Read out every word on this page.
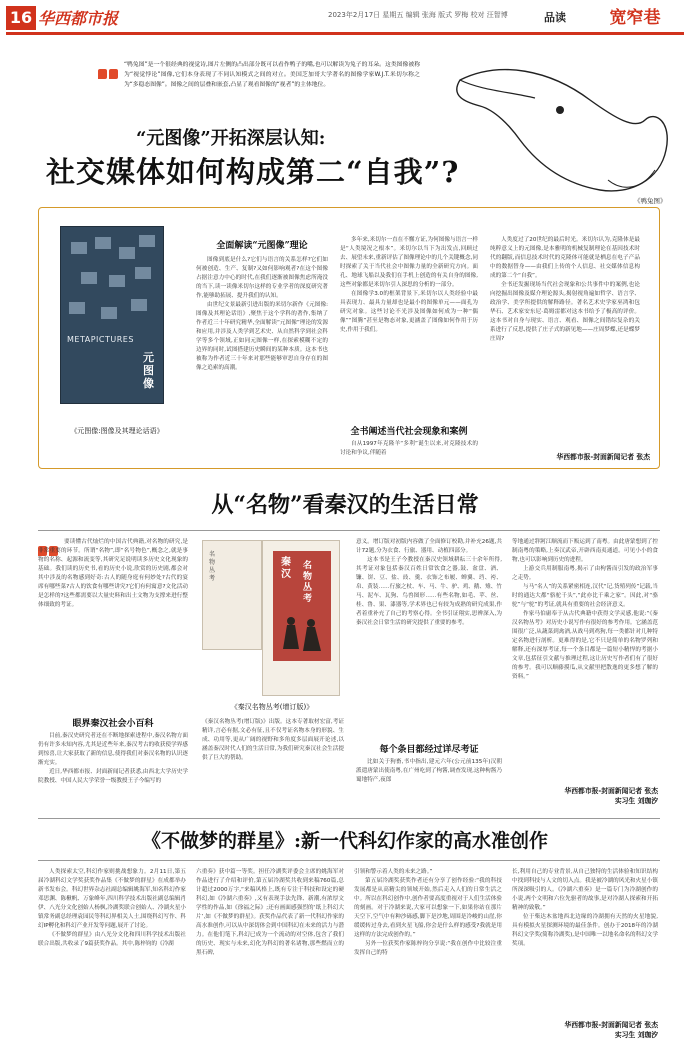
16 华西都市报	2023年2月17日 星期五 编辑 张海 版式 罗梅 校对 汪智博	品读	宽窄巷
“鸭兔图”是一个很经典的视觉诗,图片左侧的凸出部分既可以看作鸭子的嘴,也可以解读为兔子的耳朵。这类图像被称为“视觉悖论”图像,它们本身表现了不同认知模式之间的对立。美国芝加哥大学著名的图像学家W.J.T.米切尔称之为“多稳态图像”。图像之间的层叠和嵌套,凸显了观看图像的“视者”的主体地位。
“元图像”开拓深层认知:
社交媒体如何构成第二“自我”?
《鸭兔图》
METAPICTURES
元图像
《元图像:图像及其理论话语》
全面解读“元图像”理论

图像到底是什么?它们与语言的关系怎样?它们如何被创造、生产、复制?又如何影响观者?在这个图像占据注意力中心的时代,在我们逐渐被图像焦虑所淹没的当下,读一读像米切尔这样的专业学者的深度研究著作,能够助拓展、提升我们的认知。

由世纪文景最新引进出版的米切尔新作《元图像:图像及其理论话语》,聚焦于这个学科的著作,集纳了作者近三十年研究精华,全面解读“元图像”理论的发源和应用,并涉及人类学到艺术史、从自然科学到社会科学等多个领域,正如同元图像一样,在探索模糊不定的边界的同时,试图搭建历史瞬间的某种本质。这本书也被称为作者近三十年来对那些能够审思自身存在的图像之追索的高潮。

多年来,米切尔一直在不懈方证,为何图像与语言一样是“人类境况之根本”。米切尔以当下为出发点,回顾过去、展望未来,重新评估了图像理论中的几个关键概念,同时探索了关于当代社会中图像力量的全新研究方向。面孔、地球飞船以及我们在手机上创造的有关自身的图像,这些对象都是米切尔引人深思的分析的一部分。

在图像学3.0的框架背景下,米切尔以人类经验中最具表现力、最具力量却也是最小的图像单元——面孔为研究对象。这些讨论不光涉及图像如何成为一种“偶像”“图腾”甚至是物态对象,更涵盖了图像如何作用于历史,作用于我们。

全书阐述当代社会现象和案例

自从1997年克隆羊“多利”诞生以来,对克隆技术的讨论和争议,伴随着

人类度过了20世纪的最后时光。米切尔认为,克隆体是最纯粹意义上的元图像,是本雅明的机械复制理论在基因技术时代的翻版,而信息技术时代的克隆体可能就是栖息在电子产品中的数据替身——由我们上传的个人信息、社交媒体信息构成的第二个“自我”。

全书还发掘现场当代社会现象和公共事件中的案例,也论向挖掘出图像及媒介理论源头,揭射视角遍如哲学、语言学、政治学、美学所提供的解释路径。著名艺术史学家巫鸿和包华石、艺术家安东尼·葛姆雷都对这本书给予了极高的评价。这本书对自身与现实、语言、观看、图像之间错综复杂的关系进行了反思,提供了庄子式的新见地——庄周梦蝶,还是蝶梦庄周?

华西都市报-封面新闻记者 张杰
从“名物”看秦汉的生活日常

要读懂古代灿烂的中国古代典籍,对名物的研究,是非常重要的环节。所谓“名物”,即“名号物色”,概念之,就是事物的名称、起源和流变等,其研究足说明读多历史文化现象的基础。我们读的历史书,看的历史小说,欣赏的历史剧,都会对其中涉及的名物感到好奇:古人的随身庭有何妙处?古代的宴席有哪些菜?古人的饮食有哪些讲究?它们有何寓意?文化活动是怎样的?这些都需要以大量史料和出土文物为支撑来进行整体细致的考证。

眼界秦汉社会小百科

目前,秦汉史研究者还在不断地探索进程中,秦汉名物方面仍有许多未知内容,尤其是近些年来,秦汉考古的收获使学界感到惊喜,让大家获取了新的信息,使得我们对秦汉名物的认识逐渐充实。

近日,华西都市报、封面新闻记者获悉,由西北大学历史学院教授、中国人民大学荣誉一级教授王子今编写的

名物丛考
秦汉
名物丛考
《秦汉名物丛考(增订版)》

《秦汉名物丛考(增订版)》出版。这本专著取材宏富,考证精详,言必有据,文必有征,且不仅考证名物本身的形貌、生成、功用等,更从广阔的视野和多角度多层面展开论述,以涵盖秦汉时代人们的生活日常,为我们研究秦汉社会生活提供了巨大的帮助。

意义。增订版对初版内容做了全面修订校勘,并补充26题,共计72题,分为衣食、行旅、器用、动植四部分。

这本书是王子今教授在秦汉史领域耕耘三十余年所得,其考证对象包括秦汉百姓日常饮食之器,鼓、盆盘、酒、镰、饼、豆、盐、豉、羹、衣饰之布履、蝉翼、珰、袴、帛、黄装……行旅之杖、车、马、牛、驴、鸡、鹅、雉、竹马、泥车、瓦狗、鸟兽图形……有些名物,如毛、苹、丝、桂、鲁、果、漆器等,学术界也已有较为成熟的研究成果,作者着重补充了自己的考察心得。全书引证翔实,思辨深入,为秦汉社会日常生活的研究提供了重要的参考。

每个条目都经过详尽考证

比如关于狗畜,书中指出,建元六年(公元前135年)汉朝派遣唐蒙出使南粤,在广州吃到了枸酱,调查发现,这种枸酱乃蜀地特产,夜郎

等地通过牂牁江顺流而下贩运到了南粤。由此唐蒙想到了控制南粤的策略,上奏汉武帝,开辟西南夷通道。可见小小的食物,也可以影响到历史的进程。

上游交兵用制服南粤,揭示了由枸酱而引发的政治军事之走势。

与马“名人”的关系紧密相连,汉代“记,货殖列传”记载,当时的通达大都“骆驼千头”,“此亦比千乘之家”。因此,对“骆驼”与“驼”的考证,就具有重要的社会经济意义。

作家马伯庸奉于从古代典籍中获得文学灵感,他说:“《秦汉名物丛考》对历史小说写作有很好的参考作用。它涵盖范围很广泛,从蔬菜到禽酒,从战马到鸡狗,每一类都针对几种特定名物进行剖析。更难得的是,它不只是简单的名物罗列和解释,还有深厚考证,每一个条目都是一篇短小精悍的考据小文章,包括征引文献与推理过程,这让历史写作者们有了很好的参考。我可以顺藤摸瓜,从文献里把散逸的更多想了解的资料。”

华西都市报-封面新闻记者 张杰
实习生 刘珈汐
《不做梦的群星》:新一代科幻作家的高水准创作

人类探索太空,科幻作家则挑战想象力。2月11日,第五届冷湖科幻文学奖获奖作品集《不做梦的群星》在成都举办新书发布会。科幻世界杂志社副总编辑姚海军,知名科幻作家邓思渊、陈楸帆、万象峰年,四川科学技术出版社副总编辑肖伊、八光分文化创始人杨枫,冷湖奖联合创始人、冷湖火星小镇常务副总经理袁园民等科幻界相关人士,围绕科幻写作、科幻IP孵化和科幻产业开发等问题,展开了讨论。

《不做梦的群星》由八光分文化和四川科学技术出版社联合出版,共收录了9篇获奖作品。其中,陈梓钧的《冷湖

六重奏》获中篇一等奖。担任冷湖奖评委会主席的姚海军对作品进行了介绍和评价,第五届冷湖奖共收到来稿760篇,总计超过2000万字,“来稿风格上,既有专注于科技和设定的硬科幻,如《冷湖六重奏》,又有表现手法先锋、新潮,有浓厚文学性的作品,如《徐福之际》;还有画面感强烈的‘纸上科幻大片’,如《不做梦的群星》。获奖作品代表了新一代科幻作家的高水准创作,可以从中深切体会到中国科幻在未来的活力与潜力。在他们笔下,科幻已成为一个流动的对空体,包含了我们的历史、现实与未来,幻化为科幻的著名诸物,那些燃而立的黑石碑,

引领和警示着人类的未来之路。”

第五届冷湖奖获奖作者还有分享了创作经验:“我的科技发展都是从高精尖的领域开始,然后走入人们的日常生活之中。所以在科幻创作中,创作者要高度重视对于人们生活体验的刻画。对于冷湖来说,大家可以想象一下,如果你站在那片天空下,空气中有种沙砾感,脚下是沙地,周围是冷峻的山崖,你缓缓转过身去,看到火星飞船,你会是什么样的感受?我就是用这样的方法完成创作的。”

另外一位获奖作家陈梓钧分享说:“我在创作中比较注重发挥自己的特

长,利用自己的专业背景,从自己独特的生活体验和知识结构中找到科技与人文的切入点。我是被冷湖的风光和火星小镇所深深吸引的人。《冷湖六重奏》是一篇专门为冷湖创作的小说,两个文明和六位先驱者的故事,是对冷湖人探索和开拓精神的致敬。”

位于柴达木盆地西北边缘的冷湖拥有天然的火星地貌,具有模拟火星探测环境的最佳条件。创办于2018年的冷湖科幻文学奖(简称冷湖奖),是中国唯一以地名命名的科幻文学奖项。

华西都市报-封面新闻记者 张杰
实习生 刘珈汐
